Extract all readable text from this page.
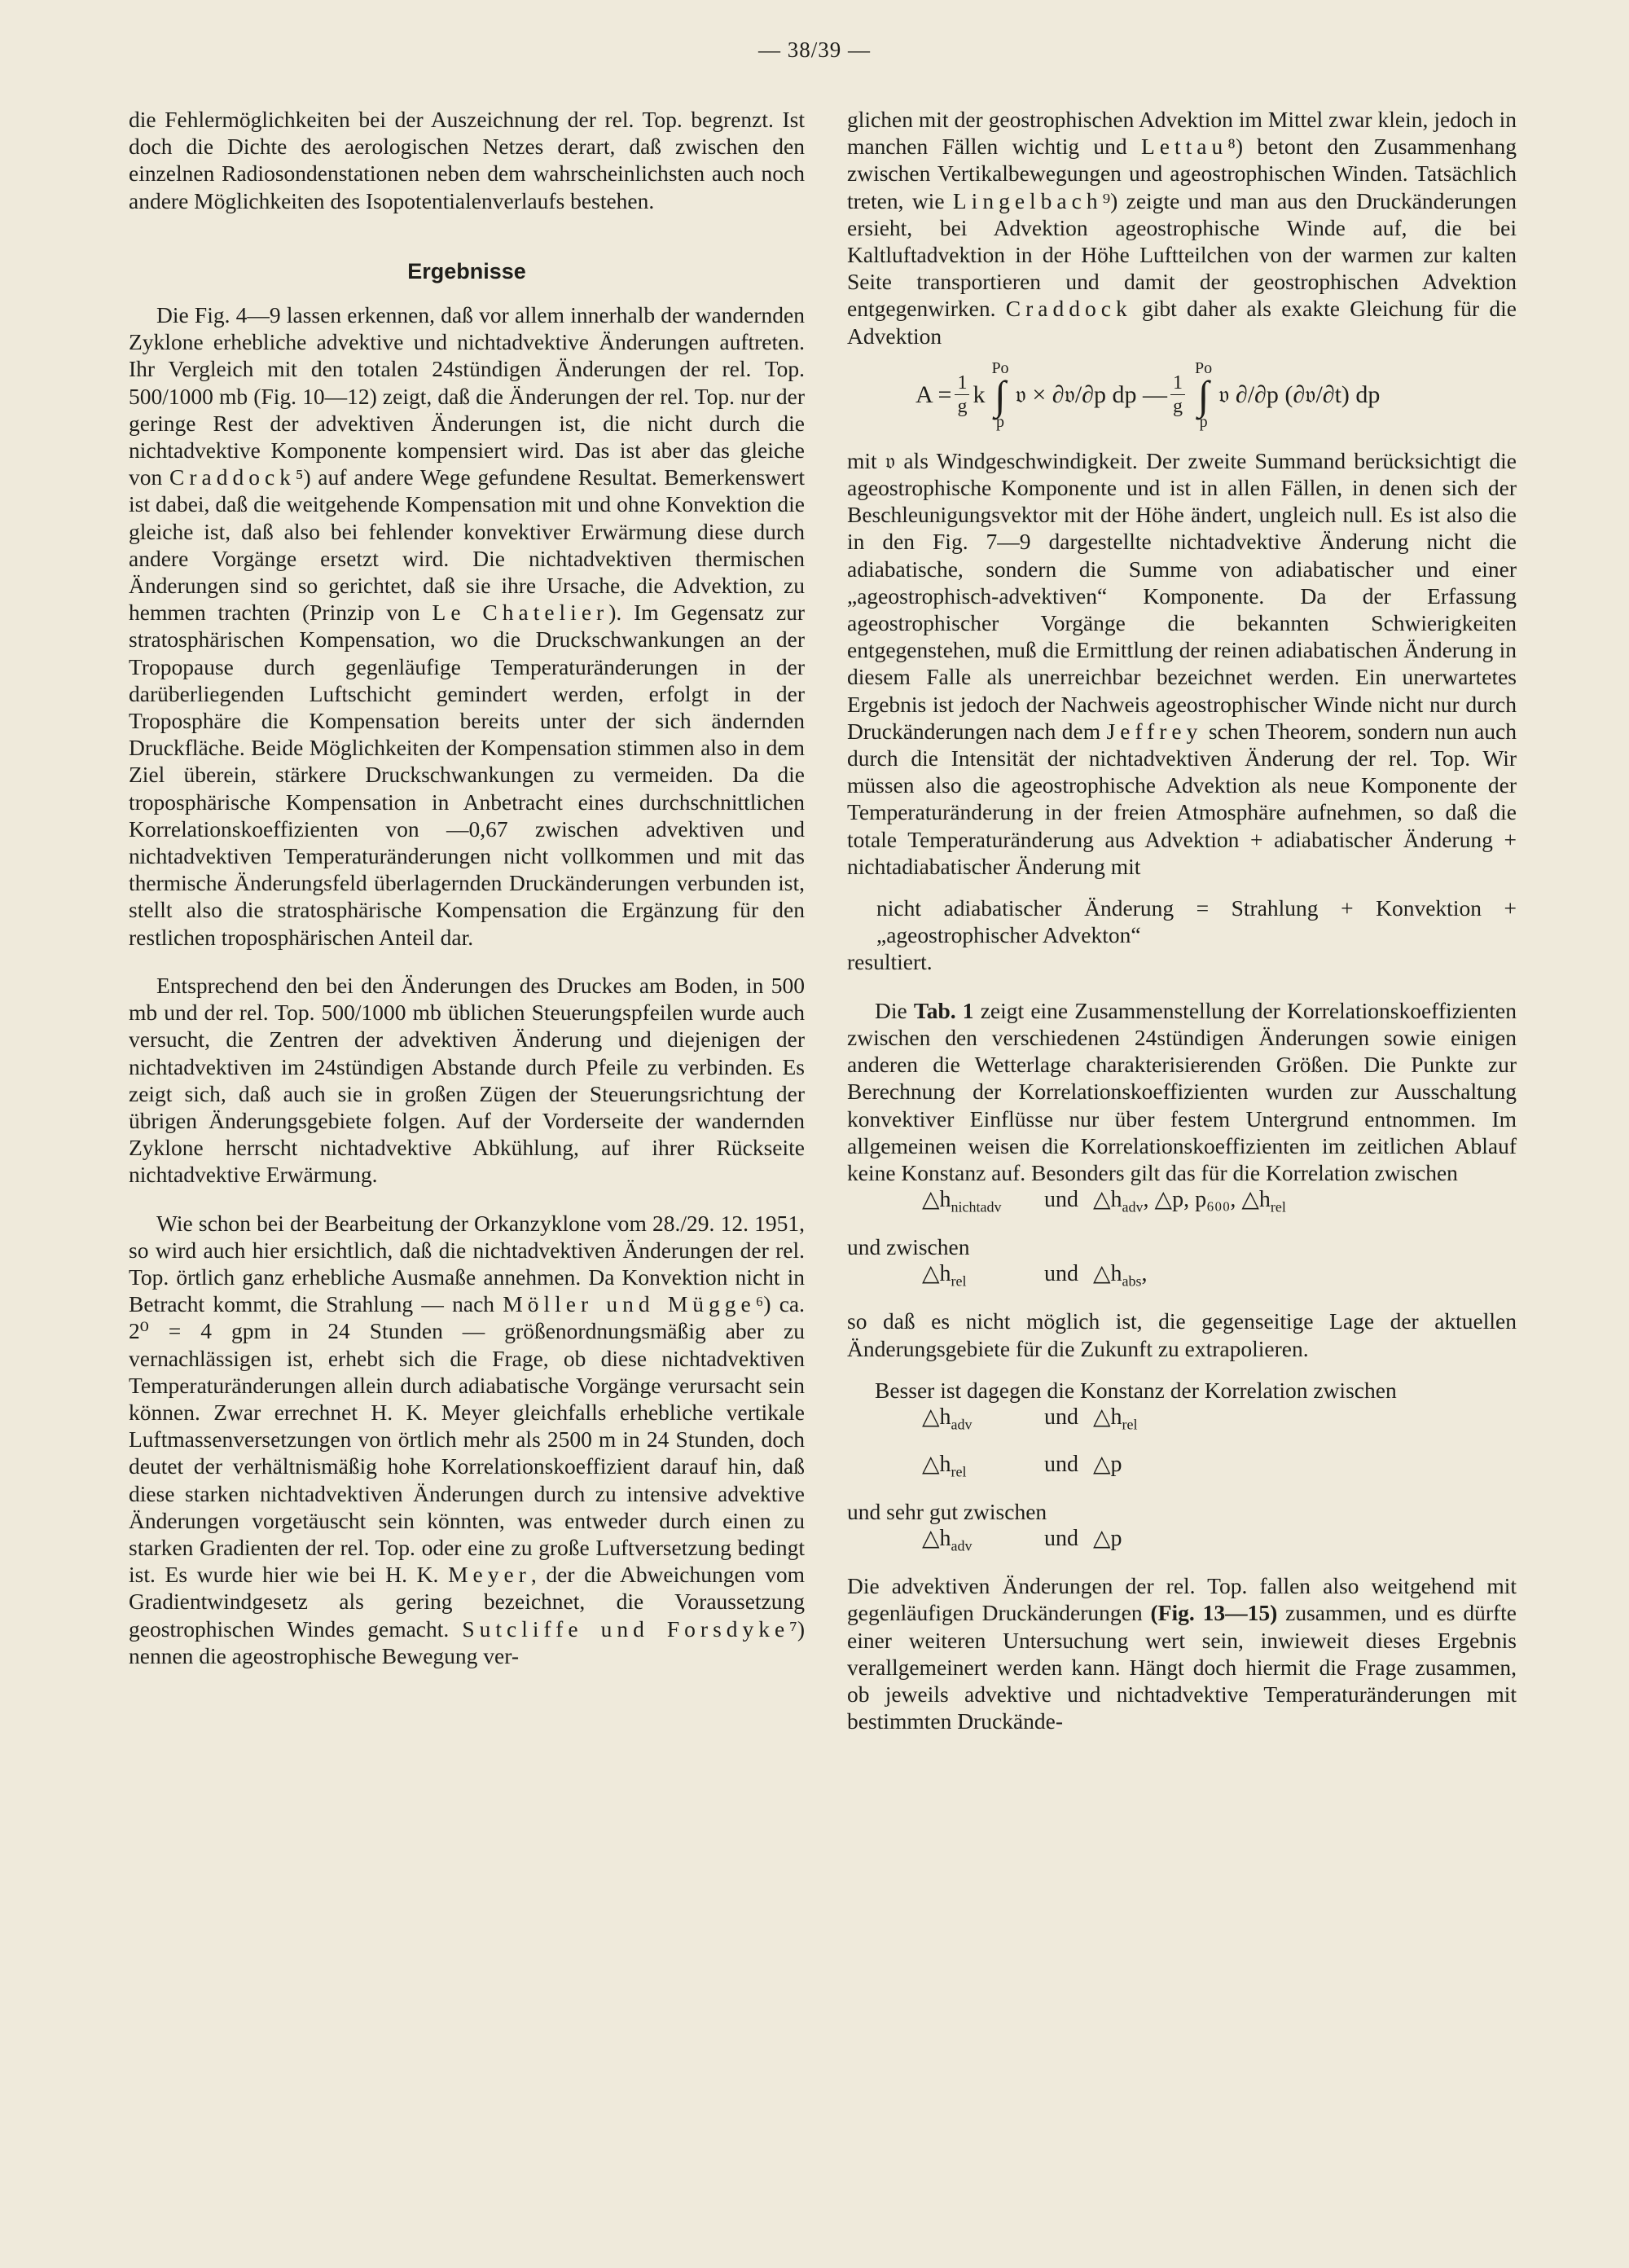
— 38/39 —

die Fehlermöglichkeiten bei der Auszeichnung der rel. Top. begrenzt. Ist doch die Dichte des aerologischen Netzes derart, daß zwischen den einzelnen Radiosondenstationen neben dem wahrscheinlichsten auch noch andere Möglichkeiten des Isopotentialenverlaufs bestehen.

Ergebnisse

Die Fig. 4—9 lassen erkennen, daß vor allem innerhalb der wandernden Zyklone erhebliche advektive und nichtadvektive Änderungen auftreten. Ihr Vergleich mit den totalen 24stündigen Änderungen der rel. Top. 500/1000 mb (Fig. 10—12) zeigt, daß die Änderungen der rel. Top. nur der geringe Rest der advektiven Änderungen ist, die nicht durch die nichtadvektive Komponente kompensiert wird. Das ist aber das gleiche von Craddock⁵) auf andere Wege gefundene Resultat. Bemerkenswert ist dabei, daß die weitgehende Kompensation mit und ohne Konvektion die gleiche ist, daß also bei fehlender konvektiver Erwärmung diese durch andere Vorgänge ersetzt wird. Die nichtadvektiven thermischen Änderungen sind so gerichtet, daß sie ihre Ursache, die Advektion, zu hemmen trachten (Prinzip von Le Chatelier). Im Gegensatz zur stratosphärischen Kompensation, wo die Druckschwankungen an der Tropopause durch gegenläufige Temperaturänderungen in der darüberliegenden Luftschicht gemindert werden, erfolgt in der Troposphäre die Kompensation bereits unter der sich ändernden Druckfläche. Beide Möglichkeiten der Kompensation stimmen also in dem Ziel überein, stärkere Druckschwankungen zu vermeiden. Da die troposphärische Kompensation in Anbetracht eines durchschnittlichen Korrelationskoeffizienten von —0,67 zwischen advektiven und nichtadvektiven Temperaturänderungen nicht vollkommen und mit das thermische Änderungsfeld überlagernden Druckänderungen verbunden ist, stellt also die stratosphärische Kompensation die Ergänzung für den restlichen troposphärischen Anteil dar.

Entsprechend den bei den Änderungen des Druckes am Boden, in 500 mb und der rel. Top. 500/1000 mb üblichen Steuerungspfeilen wurde auch versucht, die Zentren der advektiven Änderung und diejenigen der nichtadvektiven im 24stündigen Abstande durch Pfeile zu verbinden. Es zeigt sich, daß auch sie in großen Zügen der Steuerungsrichtung der übrigen Änderungsgebiete folgen. Auf der Vorderseite der wandernden Zyklone herrscht nichtadvektive Abkühlung, auf ihrer Rückseite nichtadvektive Erwärmung.

Wie schon bei der Bearbeitung der Orkanzyklone vom 28./29. 12. 1951, so wird auch hier ersichtlich, daß die nichtadvektiven Änderungen der rel. Top. örtlich ganz erhebliche Ausmaße annehmen. Da Konvektion nicht in Betracht kommt, die Strahlung — nach Möller und Mügge⁶) ca. 2⁰ = 4 gpm in 24 Stunden — größenordnungsmäßig aber zu vernachlässigen ist, erhebt sich die Frage, ob diese nichtadvektiven Temperaturänderungen allein durch adiabatische Vorgänge verursacht sein können. Zwar errechnet H. K. Meyer gleichfalls erhebliche vertikale Luftmassenversetzungen von örtlich mehr als 2500 m in 24 Stunden, doch deutet der verhältnismäßig hohe Korrelationskoeffizient darauf hin, daß diese starken nichtadvektiven Änderungen durch zu intensive advektive Änderungen vorgetäuscht sein könnten, was entweder durch einen zu starken Gradienten der rel. Top. oder eine zu große Luftversetzung bedingt ist. Es wurde hier wie bei H. K. Meyer, der die Abweichungen vom Gradientwindgesetz als gering bezeichnet, die Voraussetzung geostrophischen Windes gemacht. Sutcliffe und Forsdyke⁷) nennen die ageostrophische Bewegung ver-

glichen mit der geostrophischen Advektion im Mittel zwar klein, jedoch in manchen Fällen wichtig und Lettau⁸) betont den Zusammenhang zwischen Vertikalbewegungen und ageostrophischen Winden. Tatsächlich treten, wie Lingelbach⁹) zeigte und man aus den Druckänderungen ersieht, bei Advektion ageostrophische Winde auf, die bei Kaltluftadvektion in der Höhe Luftteilchen von der warmen zur kalten Seite transportieren und damit der geostrophischen Advektion entgegenwirken. Craddock gibt daher als exakte Gleichung für die Advektion

$A = \frac{1}{g}$ k
Po
∫
p
𝔳 × ∂𝔳/∂p dp — $\frac{1}{g}$
Po
∫
p
𝔳 ∂/∂p (∂𝔳/∂t) dp

mit 𝔳 als Windgeschwindigkeit. Der zweite Summand berücksichtigt die ageostrophische Komponente und ist in allen Fällen, in denen sich der Beschleunigungsvektor mit der Höhe ändert, ungleich null. Es ist also die in den Fig. 7—9 dargestellte nichtadvektive Änderung nicht die adiabatische, sondern die Summe von adiabatischer und einer „ageostrophisch-advektiven“ Komponente. Da der Erfassung ageostrophischer Vorgänge die bekannten Schwierigkeiten entgegenstehen, muß die Ermittlung der reinen adiabatischen Änderung in diesem Falle als unerreichbar bezeichnet werden. Ein unerwartetes Ergebnis ist jedoch der Nachweis ageostrophischer Winde nicht nur durch Druckänderungen nach dem Jeffrey schen Theorem, sondern nun auch durch die Intensität der nichtadvektiven Änderung der rel. Top. Wir müssen also die ageostrophische Advektion als neue Komponente der Temperaturänderung in der freien Atmosphäre aufnehmen, so daß die totale Temperaturänderung aus Advektion + adiabatischer Änderung + nichtadiabatischer Änderung mit

nicht adiabatischer Änderung = Strahlung + Konvektion + „ageostrophischer Advekton“

resultiert.

Die Tab. 1 zeigt eine Zusammenstellung der Korrelationskoeffizienten zwischen den verschiedenen 24stündigen Änderungen sowie einigen anderen die Wetterlage charakterisierenden Größen. Die Punkte zur Berechnung der Korrelationskoeffizienten wurden zur Ausschaltung konvektiver Einflüsse nur über festem Untergrund entnommen. Im allgemeinen weisen die Korrelationskoeffizienten im zeitlichen Ablauf keine Konstanz auf. Besonders gilt das für die Korrelation zwischen

$\triangle h_{nichtadv}$	und $\triangle h_{adv}$, △p, p₆₀₀, $\triangle h_{rel}$

und zwischen

$\triangle h_{rel}$	und $\triangle h_{abs}$,

so daß es nicht möglich ist, die gegenseitige Lage der aktuellen Änderungsgebiete für die Zukunft zu extrapolieren.

Besser ist dagegen die Konstanz der Korrelation zwischen

$\triangle h_{adv}$	und $\triangle h_{rel}$
$\triangle h_{rel}$	und △p

und sehr gut zwischen

$\triangle h_{adv}$	und △p

Die advektiven Änderungen der rel. Top. fallen also weitgehend mit gegenläufigen Druckänderungen (Fig. 13—15) zusammen, und es dürfte einer weiteren Untersuchung wert sein, inwieweit dieses Ergebnis verallgemeinert werden kann. Hängt doch hiermit die Frage zusammen, ob jeweils advektive und nichtadvektive Temperaturänderungen mit bestimmten Druckände-
